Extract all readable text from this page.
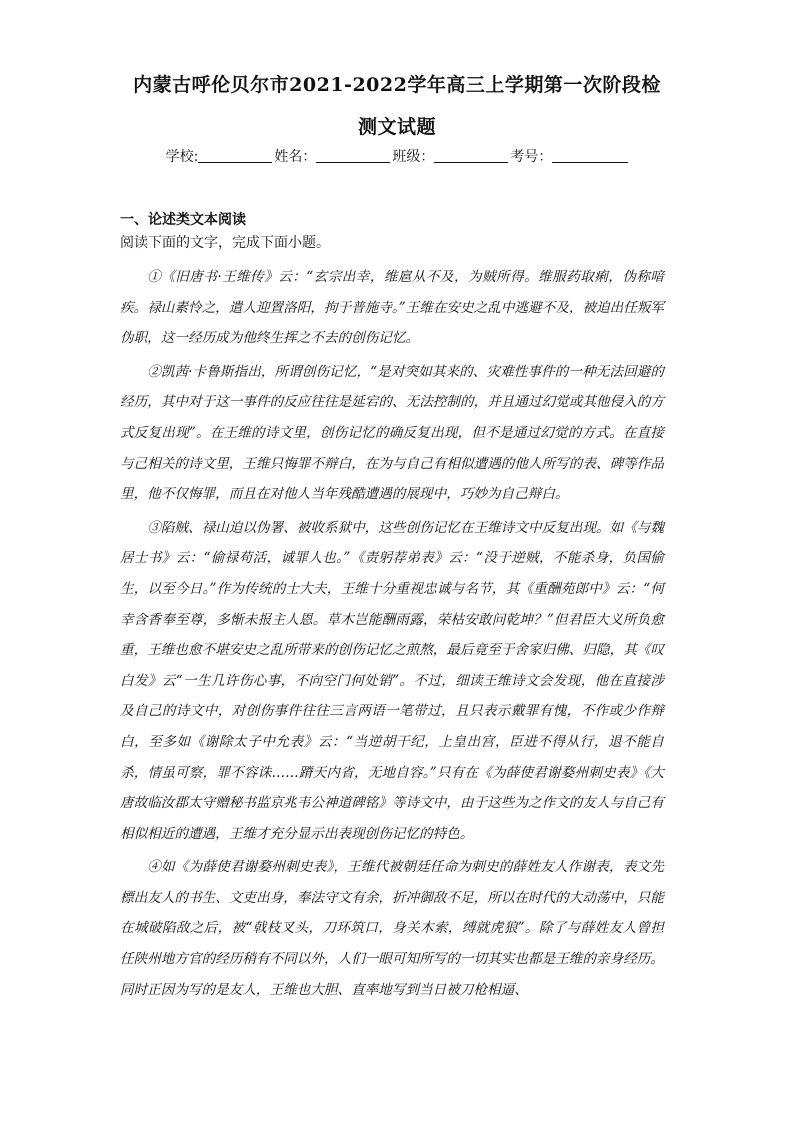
内蒙古呼伦贝尔市2021-2022学年高三上学期第一次阶段检
测文试题
学校:	姓名：	班级：	考号：
一、论述类文本阅读

阅读下面的文字，完成下面小题。

①《旧唐书·王维传》云：“玄宗出幸，维扈从不及，为贼所得。维服药取痢，伪称喑疾。禄山素怜之，遣人迎置洛阳，拘于普施寺。”王维在安史之乱中逃避不及，被迫出任叛军伪职，这一经历成为他终生挥之不去的创伤记忆。

②凯茜·卡鲁斯指出，所谓创伤记忆，“是对突如其来的、灾难性事件的一种无法回避的经历，其中对于这一事件的反应往往是延宕的、无法控制的，并且通过幻觉或其他侵入的方式反复出现”。在王维的诗文里，创伤记忆的确反复出现，但不是通过幻觉的方式。在直接与己相关的诗文里，王维只悔罪不辩白，在为与自己有相似遭遇的他人所写的表、碑等作品里，他不仅悔罪，而且在对他人当年残酷遭遇的展现中，巧妙为自己辩白。

③陷贼、禄山迫以伪署、被收系狱中，这些创伤记忆在王维诗文中反复出现。如《与魏居士书》云：“偷禄苟活，诚罪人也。”《责躬荐弟表》云：“没于逆贼，不能杀身，负国偷生，以至今日。”作为传统的士大夫，王维十分重视忠诚与名节，其《重酬苑郎中》云：“何幸含香奉至尊，多惭未报主人恩。草木岂能酬雨露，荣枯安敢问乾坤？”但君臣大义所负愈重，王维也愈不堪安史之乱所带来的创伤记忆之煎熬，最后竟至于舍家归佛、归隐，其《叹白发》云“一生几许伤心事，不向空门何处销”。不过，细读王维诗文会发现，他在直接涉及自己的诗文中，对创伤事件往往三言两语一笔带过，且只表示戴罪有愧，不作或少作辩白，至多如《谢除太子中允表》云：“当逆胡干纪，上皇出宫，臣进不得从行，退不能自杀，情虽可察，罪不容诛……蹐天内省，无地自容。”只有在《为薛使君谢婺州刺史表》《大唐故临汝郡太守赠秘书监京兆韦公神道碑铭》等诗文中，由于这些为之作文的友人与自己有相似相近的遭遇，王维才充分显示出表现创伤记忆的特色。

④如《为薛使君谢婺州刺史表》，王维代被朝廷任命为刺史的薛姓友人作谢表，表文先標出友人的书生、文吏出身，奉法守文有余，折冲御敌不足，所以在时代的大动荡中，只能在城破陷敌之后，被“戟枝叉头，刀环筑口，身关木索，缚就虎狼”。除了与薛姓友人曾担任陕州地方官的经历稍有不同以外，人们一眼可知所写的一切其实也都是王维的亲身经历。同时正因为写的是友人，王维也大胆、直率地写到当日被刀枪相逼、
